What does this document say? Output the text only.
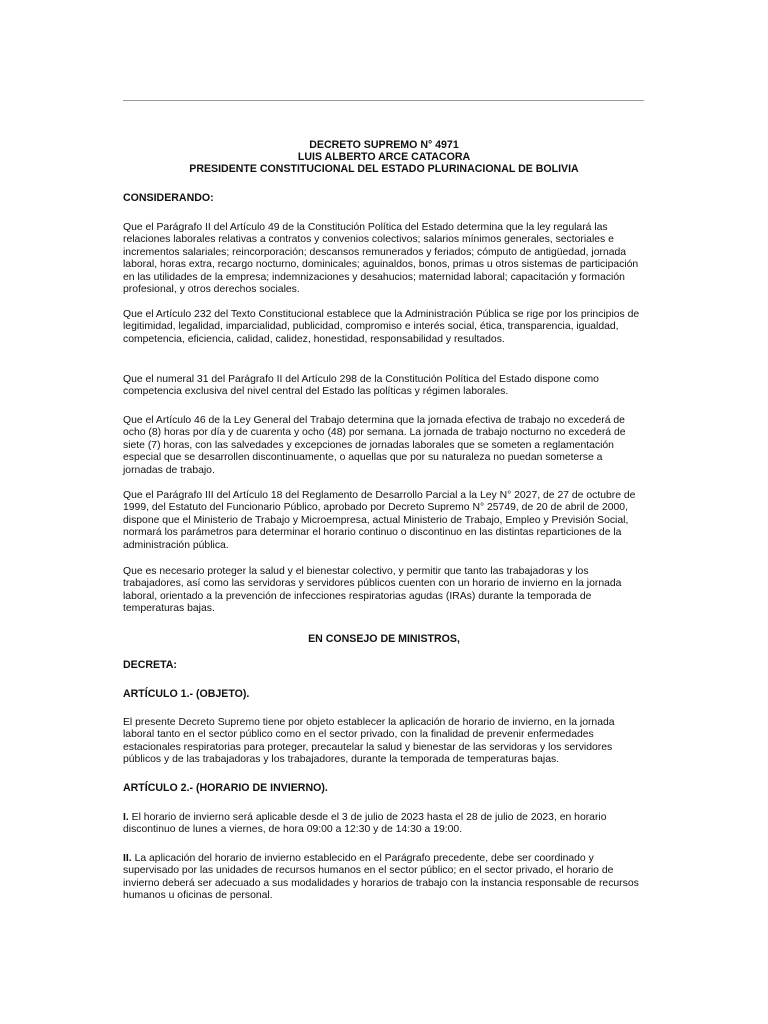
DECRETO SUPREMO N° 4971
LUIS ALBERTO ARCE CATACORA
PRESIDENTE CONSTITUCIONAL DEL ESTADO PLURINACIONAL DE BOLIVIA
CONSIDERANDO:

Que el Parágrafo II del Artículo 49 de la Constitución Política del Estado determina que la ley regulará las relaciones laborales relativas a contratos y convenios colectivos; salarios mínimos generales, sectoriales e incrementos salariales; reincorporación; descansos remunerados y feriados; cómputo de antigüedad, jornada laboral, horas extra, recargo nocturno, dominicales; aguinaldos, bonos, primas u otros sistemas de participación en las utilidades de la empresa; indemnizaciones y desahucios; maternidad laboral; capacitación y formación profesional, y otros derechos sociales.

Que el Artículo 232 del Texto Constitucional establece que la Administración Pública se rige por los principios de legitimidad, legalidad, imparcialidad, publicidad, compromiso e interés social, ética, transparencia, igualdad, competencia, eficiencia, calidad, calidez, honestidad, responsabilidad y resultados.

Que el numeral 31 del Parágrafo II del Artículo 298 de la Constitución Política del Estado dispone como competencia exclusiva del nivel central del Estado las políticas y régimen laborales.

Que el Artículo 46 de la Ley General del Trabajo determina que la jornada efectiva de trabajo no excederá de ocho (8) horas por día y de cuarenta y ocho (48) por semana. La jornada de trabajo nocturno no excederá de siete (7) horas, con las salvedades y excepciones de jornadas laborales que se someten a reglamentación especial que se desarrollen discontinuamente, o aquellas que por su naturaleza no puedan someterse a jornadas de trabajo.

Que el Parágrafo III del Artículo 18 del Reglamento de Desarrollo Parcial a la Ley N° 2027, de 27 de octubre de 1999, del Estatuto del Funcionario Público, aprobado por Decreto Supremo N° 25749, de 20 de abril de 2000, dispone que el Ministerio de Trabajo y Microempresa, actual Ministerio de Trabajo, Empleo y Previsión Social, normará los parámetros para determinar el horario continuo o discontinuo en las distintas reparticiones de la administración pública.

Que es necesario proteger la salud y el bienestar colectivo, y permitir que tanto las trabajadoras y los trabajadores, así como las servidoras y servidores públicos cuenten con un horario de invierno en la jornada laboral, orientado a la prevención de infecciones respiratorias agudas (IRAs) durante la temporada de temperaturas bajas.

EN CONSEJO DE MINISTROS,
DECRETA:
ARTÍCULO 1.- (OBJETO).

El presente Decreto Supremo tiene por objeto establecer la aplicación de horario de invierno, en la jornada laboral tanto en el sector público como en el sector privado, con la finalidad de prevenir enfermedades estacionales respiratorias para proteger, precautelar la salud y bienestar de las servidoras y los servidores públicos y de las trabajadoras y los trabajadores, durante la temporada de temperaturas bajas.

ARTÍCULO 2.- (HORARIO DE INVIERNO).

I. El horario de invierno será aplicable desde el 3 de julio de 2023 hasta el 28 de julio de 2023, en horario discontinuo de lunes a viernes, de hora 09:00 a 12:30 y de 14:30 a 19:00.

II. La aplicación del horario de invierno establecido en el Parágrafo precedente, debe ser coordinado y supervisado por las unidades de recursos humanos en el sector público; en el sector privado, el horario de invierno deberá ser adecuado a sus modalidades y horarios de trabajo con la instancia responsable de recursos humanos u oficinas de personal.
